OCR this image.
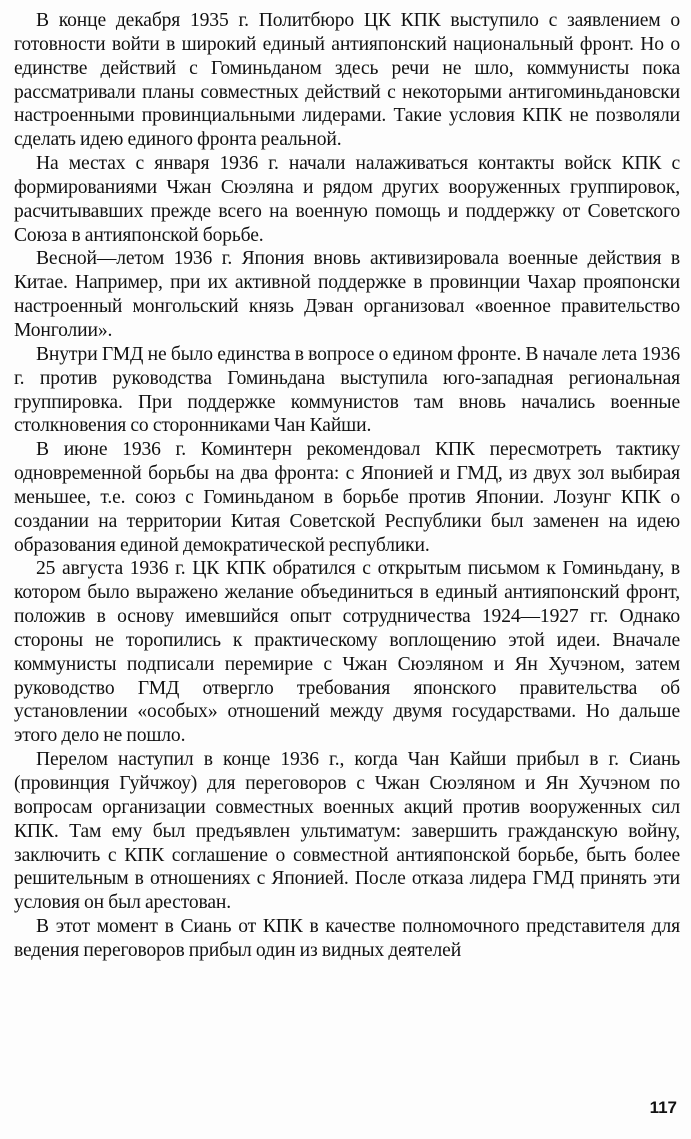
В конце декабря 1935 г. Политбюро ЦК КПК выступило с заявлением о готовности войти в широкий единый антияпонский национальный фронт. Но о единстве действий с Гоминьданом здесь речи не шло, коммунисты пока рассматривали планы совместных действий с некоторыми антигоминьдановски настроенными провинциальными лидерами. Такие условия КПК не позволяли сделать идею единого фронта реальной.

На местах с января 1936 г. начали налаживаться контакты войск КПК с формированиями Чжан Сюэляна и рядом других вооруженных группировок, расчитывавших прежде всего на военную помощь и поддержку от Советского Союза в антияпонской борьбе.

Весной—летом 1936 г. Япония вновь активизировала военные действия в Китае. Например, при их активной поддержке в провинции Чахар прояпонски настроенный монгольский князь Дэван организовал «военное правительство Монголии».

Внутри ГМД не было единства в вопросе о едином фронте. В начале лета 1936 г. против руководства Гоминьдана выступила юго-западная региональная группировка. При поддержке коммунистов там вновь начались военные столкновения со сторонниками Чан Кайши.

В июне 1936 г. Коминтерн рекомендовал КПК пересмотреть тактику одновременной борьбы на два фронта: с Японией и ГМД, из двух зол выбирая меньшее, т.е. союз с Гоминьданом в борьбе против Японии. Лозунг КПК о создании на территории Китая Советской Республики был заменен на идею образования единой демократической республики.

25 августа 1936 г. ЦК КПК обратился с открытым письмом к Гоминьдану, в котором было выражено желание объединиться в единый антияпонский фронт, положив в основу имевшийся опыт сотрудничества 1924—1927 гг. Однако стороны не торопились к практическому воплощению этой идеи. Вначале коммунисты подписали перемирие с Чжан Сюэляном и Ян Хучэном, затем руководство ГМД отвергло требования японского правительства об установлении «особых» отношений между двумя государствами. Но дальше этого дело не пошло.

Перелом наступил в конце 1936 г., когда Чан Кайши прибыл в г. Сиань (провинция Гуйчжоу) для переговоров с Чжан Сюэляном и Ян Хучэном по вопросам организации совместных военных акций против вооруженных сил КПК. Там ему был предъявлен ультиматум: завершить гражданскую войну, заключить с КПК соглашение о совместной антияпонской борьбе, быть более решительным в отношениях с Японией. После отказа лидера ГМД принять эти условия он был арестован.

В этот момент в Сиань от КПК в качестве полномочного представителя для ведения переговоров прибыл один из видных деятелей

117
